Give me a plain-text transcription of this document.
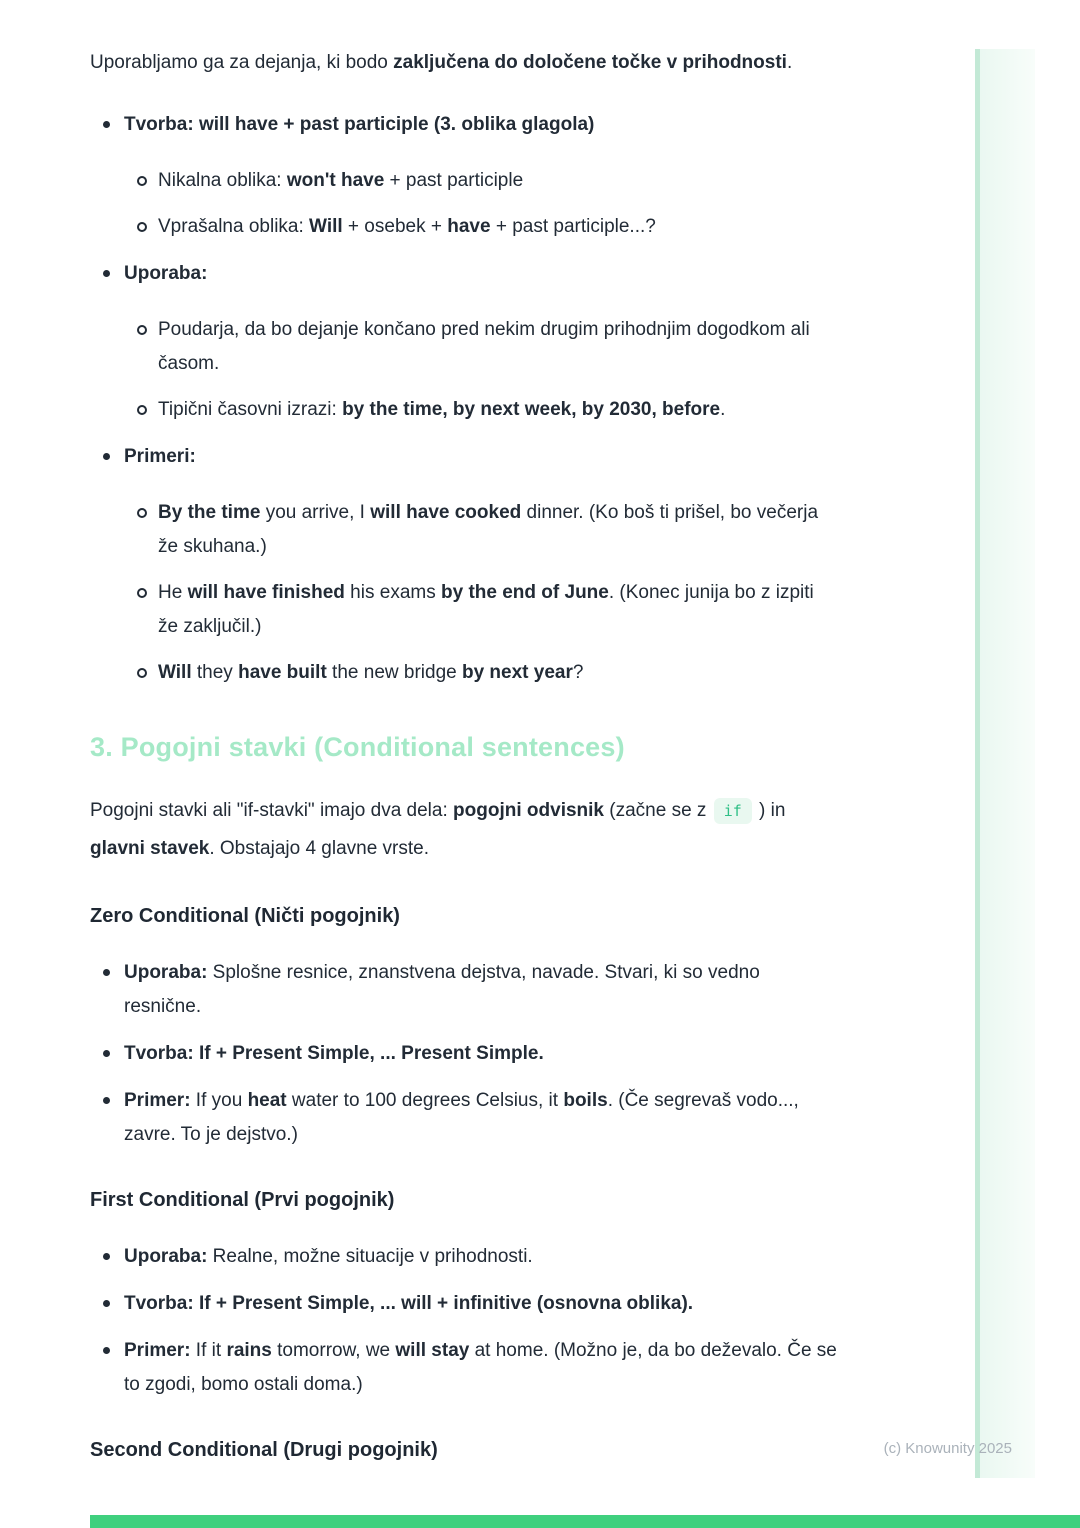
Uporabljamo ga za dejanja, ki bodo zaključena do določene točke v prihodnosti.

Tvorba: will have + past participle (3. oblika glagola)
Nikalna oblika: won't have + past participle
Vprašalna oblika: Will + osebek + have + past participle...?
Uporaba:
Poudarja, da bo dejanje končano pred nekim drugim prihodnjim dogodkom ali časom.
Tipični časovni izrazi: by the time, by next week, by 2030, before.
Primeri:
By the time you arrive, I will have cooked dinner. (Ko boš ti prišel, bo večerja že skuhana.)
He will have finished his exams by the end of June. (Konec junija bo z izpiti že zaključil.)
Will they have built the new bridge by next year?
3. Pogojni stavki (Conditional sentences)

Pogojni stavki ali "if-stavki" imajo dva dela: pogojni odvisnik (začne se z if ) in glavni stavek. Obstajajo 4 glavne vrste.

Zero Conditional (Ničti pogojnik)
Uporaba: Splošne resnice, znanstvena dejstva, navade. Stvari, ki so vedno resnične.
Tvorba: If + Present Simple, ... Present Simple.
Primer: If you heat water to 100 degrees Celsius, it boils. (Če segrevaš vodo..., zavre. To je dejstvo.)
First Conditional (Prvi pogojnik)
Uporaba: Realne, možne situacije v prihodnosti.
Tvorba: If + Present Simple, ... will + infinitive (osnovna oblika).
Primer: If it rains tomorrow, we will stay at home. (Možno je, da bo deževalo. Če se to zgodi, bomo ostali doma.)
Second Conditional (Drugi pogojnik)	(c) Knowunity 2025
